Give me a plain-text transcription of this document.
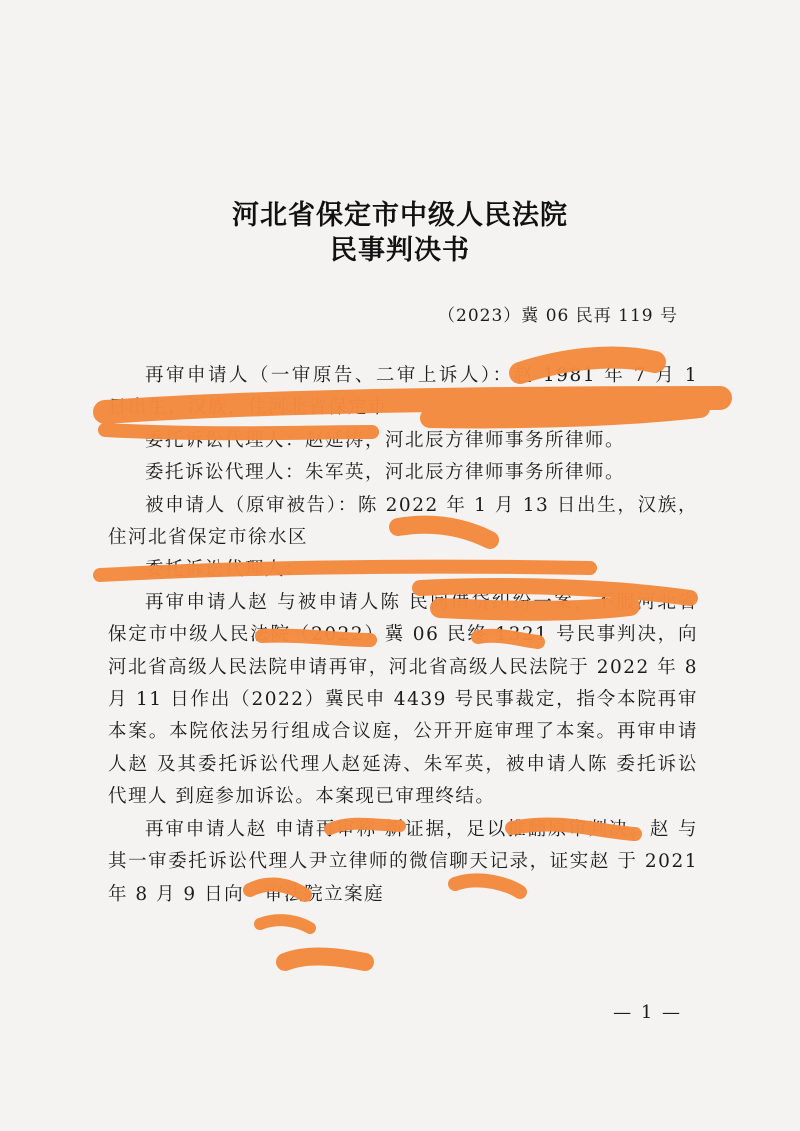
河北省保定市中级人民法院
民事判决书
（2023）冀 06 民再 119 号

再审申请人（一审原告、二审上诉人）：赵 1981 年 7 月 1 日出生，汉族，住河北省保定市

委托诉讼代理人：赵延涛，河北辰方律师事务所律师。

委托诉讼代理人：朱军英，河北辰方律师事务所律师。

被申请人（原审被告）：陈 2022 年 1 月 13 日出生，汉族，住河北省保定市徐水区

委托诉讼代理人：

再审申请人赵 与被申请人陈 民间借贷纠纷一案，不服河北省保定市中级人民法院（2022）冀 06 民终 1321 号民事判决，向河北省高级人民法院申请再审，河北省高级人民法院于 2022 年 8 月 11 日作出（2022）冀民申 4439 号民事裁定，指令本院再审本案。本院依法另行组成合议庭，公开开庭审理了本案。再审申请人赵 及其委托诉讼代理人赵延涛、朱军英，被申请人陈 委托诉讼代理人 到庭参加诉讼。本案现已审理终结。

再审申请人赵 申请再审称 新证据，足以推翻原审判决。赵 与其一审委托诉讼代理人尹立律师的微信聊天记录，证实赵 于 2021 年 8 月 9 日向一审法院立案庭

— 1 —
